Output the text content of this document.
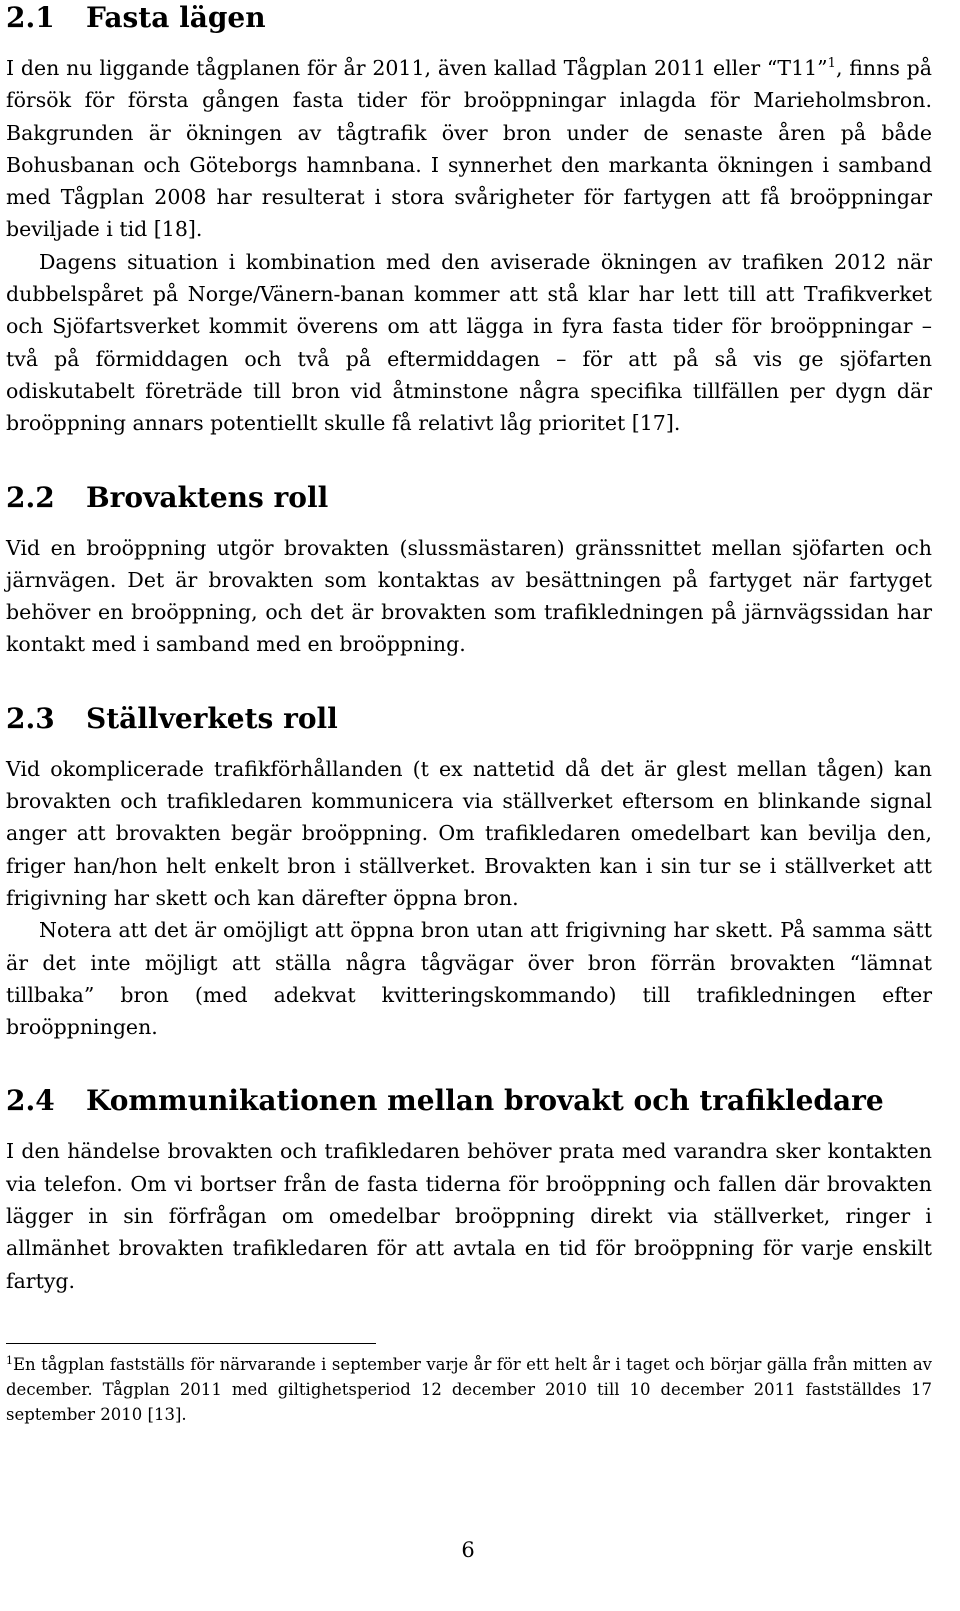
2.1 Fasta lägen

I den nu liggande tågplanen för år 2011, även kallad Tågplan 2011 eller “T11”$^1$, finns på försök för första gången fasta tider för broöppningar inlagda för Marieholmsbron. Bakgrunden är ökningen av tågtrafik över bron under de senaste åren på både Bohusbanan och Göteborgs hamnbana. I synnerhet den markanta ökningen i samband med Tågplan 2008 har resulterat i stora svårigheter för fartygen att få broöppningar beviljade i tid [18].

Dagens situation i kombination med den aviserade ökningen av trafiken 2012 när dubbelspåret på Norge/Vänern-banan kommer att stå klar har lett till att Trafikverket och Sjöfartsverket kommit överens om att lägga in fyra fasta tider för broöppningar – två på förmiddagen och två på eftermiddagen – för att på så vis ge sjöfarten odiskutabelt företräde till bron vid åtminstone några specifika tillfällen per dygn där broöppning annars potentiellt skulle få relativt låg prioritet [17].

2.2 Brovaktens roll

Vid en broöppning utgör brovakten (slussmästaren) gränssnittet mellan sjöfarten och järnvägen. Det är brovakten som kontaktas av besättningen på fartyget när fartyget behöver en broöppning, och det är brovakten som trafikledningen på järnvägssidan har kontakt med i samband med en broöppning.

2.3 Ställverkets roll

Vid okomplicerade trafikförhållanden (t ex nattetid då det är glest mellan tågen) kan brovakten och trafikledaren kommunicera via ställverket eftersom en blinkande signal anger att brovakten begär broöppning. Om trafikledaren omedelbart kan bevilja den, friger han/hon helt enkelt bron i ställverket. Brovakten kan i sin tur se i ställverket att frigivning har skett och kan därefter öppna bron.

Notera att det är omöjligt att öppna bron utan att frigivning har skett. På samma sätt är det inte möjligt att ställa några tågvägar över bron förrän brovakten “lämnat tillbaka” bron (med adekvat kvitteringskommando) till trafikledningen efter broöppningen.

2.4 Kommunikationen mellan brovakt och trafikledare

I den händelse brovakten och trafikledaren behöver prata med varandra sker kontakten via telefon. Om vi bortser från de fasta tiderna för broöppning och fallen där brovakten lägger in sin förfrågan om omedelbar broöppning direkt via ställverket, ringer i allmänhet brovakten trafikledaren för att avtala en tid för broöppning för varje enskilt fartyg.

$^1$En tågplan fastställs för närvarande i september varje år för ett helt år i taget och börjar gälla från mitten av december. Tågplan 2011 med giltighetsperiod 12 december 2010 till 10 december 2011 fastställdes 17 september 2010 [13].

6
